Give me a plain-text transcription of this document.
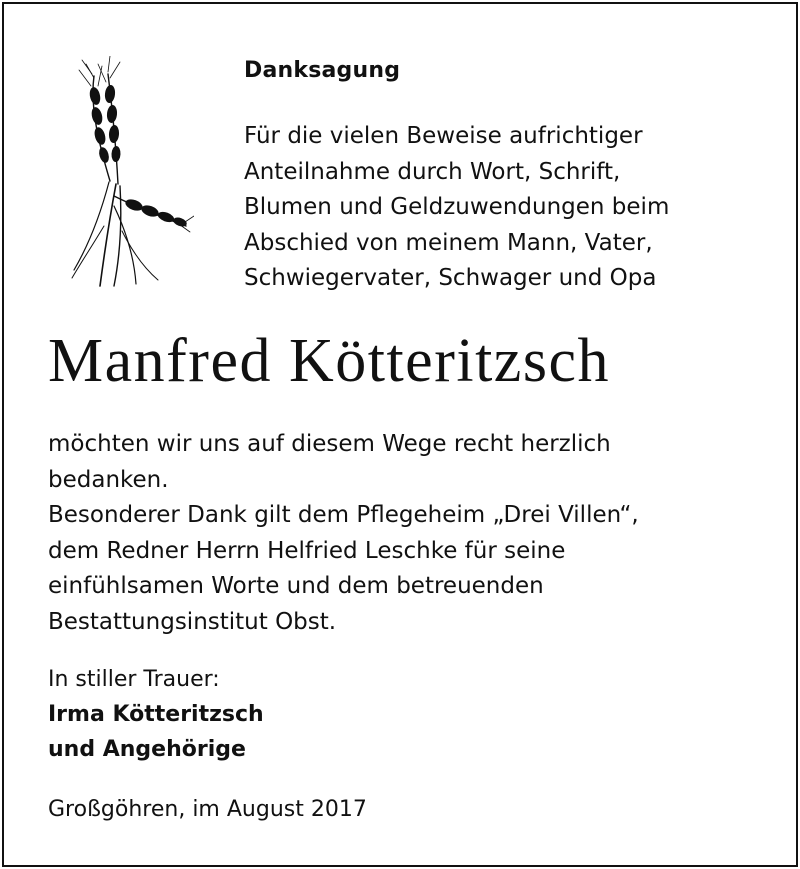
Danksagung
Für die vielen Beweise aufrichtiger
Anteilnahme durch Wort, Schrift,
Blumen und Geldzuwendungen beim
Abschied von meinem Mann, Vater,
Schwiegervater, Schwager und Opa
Manfred Kötteritzsch
möchten wir uns auf diesem Wege recht herzlich
bedanken.
Besonderer Dank gilt dem Pflegeheim „Drei Villen“,
dem Redner Herrn Helfried Leschke für seine
einfühlsamen Worte und dem betreuenden
Bestattungsinstitut Obst.
In stiller Trauer:
Irma Kötteritzsch
und Angehörige
Großgöhren, im August 2017
